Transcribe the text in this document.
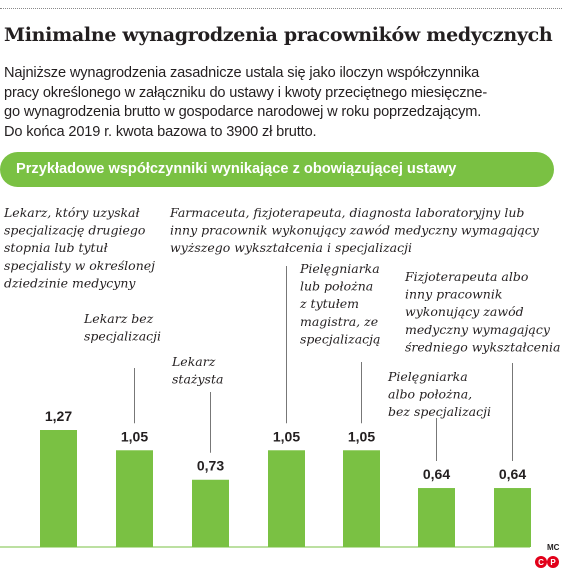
Minimalne wynagrodzenia pracowników medycznych

Najniższe wynagrodzenia zasadnicze ustala się jako iloczyn współczynnika
pracy określonego w załączniku do ustawy i kwoty przeciętnego miesięczne-
go wynagrodzenia brutto w gospodarce narodowej w roku poprzedzającym.
Do końca 2019 r. kwota bazowa to 3900 zł brutto.

Przykładowe współczynniki wynikające z obowiązującej ustawy
1,27
Lekarz, który uzyskał specjalizację drugiego stopnia lub tytuł specjalisty w określonej dziedzinie medycyny
1,05
Lekarz bez specjalizacji
0,73
Lekarz stażysta
1,05
Farmaceuta, fizjoterapeuta, diagnosta laboratoryjny lub inny pracownik wykonujący zawód medyczny wymagający wyższego wykształcenia i specjalizacji
1,05
Pielęgniarka lub położna z tytułem magistra, ze specjalizacją
0,64
Pielęgniarka albo położna, bez specjalizacji
0,64
Fizjoterapeuta albo inny pracownik wykonujący zawód medyczny wymagający średniego wykształcenia
MC
C P
